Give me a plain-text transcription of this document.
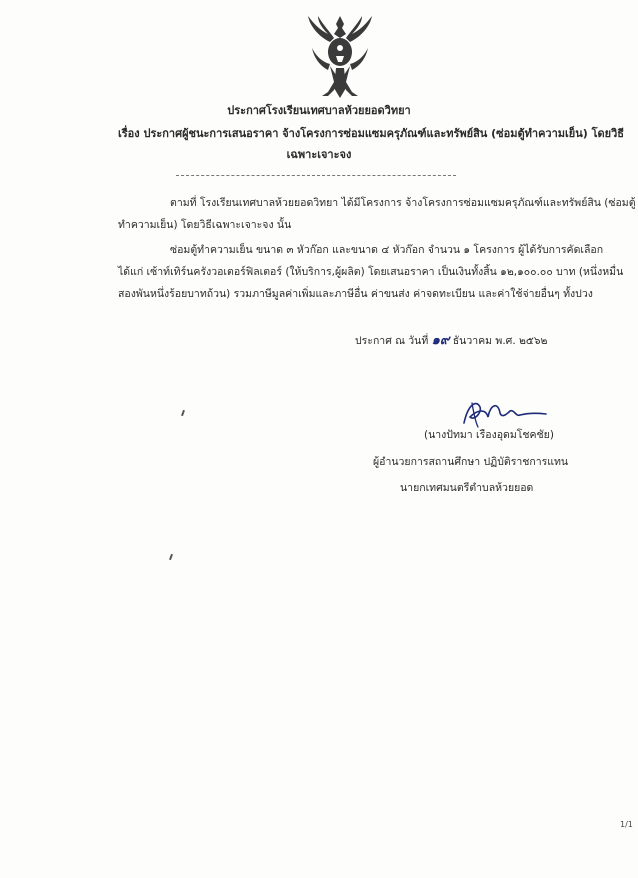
ประกาศโรงเรียนเทศบาลห้วยยอดวิทยา
เรื่อง ประกาศผู้ชนะการเสนอราคา จ้างโครงการซ่อมแซมครุภัณฑ์และทรัพย์สิน (ซ่อมตู้ทำความเย็น) โดยวิธี
เฉพาะเจาะจง
ตามที่ โรงเรียนเทศบาลห้วยยอดวิทยา ได้มีโครงการ จ้างโครงการซ่อมแซมครุภัณฑ์และทรัพย์สิน (ซ่อมตู้
ทำความเย็น) โดยวิธีเฉพาะเจาะจง นั้น
ซ่อมตู้ทำความเย็น ขนาด ๓ หัวก๊อก และขนาด ๔ หัวก๊อก จำนวน ๑ โครงการ ผู้ได้รับการคัดเลือก
ได้แก่ เซ้าท์เทิร์นครังวอเตอร์ฟิลเตอร์ (ให้บริการ,ผู้ผลิต) โดยเสนอราคา เป็นเงินทั้งสิ้น ๑๒,๑๐๐.๐๐ บาท (หนึ่งหมื่น
สองพันหนึ่งร้อยบาทถ้วน) รวมภาษีมูลค่าเพิ่มและภาษีอื่น ค่าขนส่ง ค่าจดทะเบียน และค่าใช้จ่ายอื่นๆ ทั้งปวง
ประกาศ ณ วันที่ ๑๙ ธันวาคม พ.ศ. ๒๕๖๒
(นางปัทมา เรืองอุดมโชคชัย)
ผู้อำนวยการสถานศึกษา ปฏิบัติราชการแทน
นายกเทศมนตรีตำบลห้วยยอด
1/1
